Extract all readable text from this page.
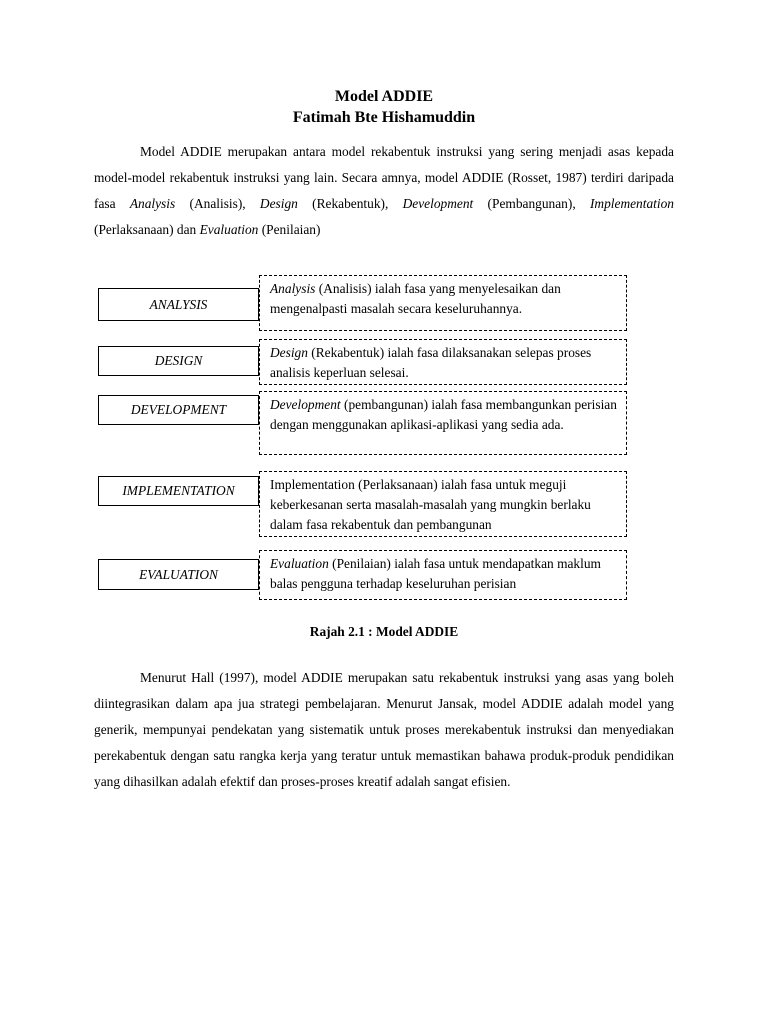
Model ADDIE
Fatimah Bte Hishamuddin

Model ADDIE merupakan antara model rekabentuk instruksi yang sering menjadi asas kepada model-model rekabentuk instruksi yang lain. Secara amnya, model ADDIE (Rosset, 1987) terdiri daripada fasa Analysis (Analisis), Design (Rekabentuk), Development (Pembangunan), Implementation (Perlaksanaan) dan Evaluation (Penilaian)

ANALYSIS
DESIGN
DEVELOPMENT
IMPLEMENTATION
EVALUATION
Analysis (Analisis) ialah fasa yang menyelesaikan dan mengenalpasti masalah secara keseluruhannya.
Design (Rekabentuk) ialah fasa dilaksanakan selepas proses analisis keperluan selesai.
Development (pembangunan) ialah fasa membangunkan perisian dengan menggunakan aplikasi-aplikasi yang sedia ada.
Implementation (Perlaksanaan) ialah fasa untuk meguji keberkesanan serta masalah-masalah yang mungkin berlaku dalam fasa rekabentuk dan pembangunan
Evaluation (Penilaian) ialah fasa untuk mendapatkan maklum balas pengguna terhadap keseluruhan perisian
Rajah 2.1 : Model ADDIE

Menurut Hall (1997), model ADDIE merupakan satu rekabentuk instruksi yang asas yang boleh diintegrasikan dalam apa jua strategi pembelajaran. Menurut Jansak, model ADDIE adalah model yang generik, mempunyai pendekatan yang sistematik untuk proses merekabentuk instruksi dan menyediakan perekabentuk dengan satu rangka kerja yang teratur untuk memastikan bahawa produk-produk pendidikan yang dihasilkan adalah efektif dan proses-proses kreatif adalah sangat efisien.
